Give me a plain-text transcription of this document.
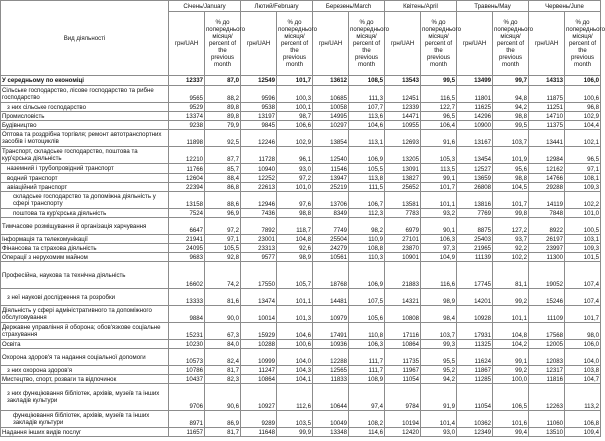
Вид діяльності	Січень/January		Лютий/February		Березень/March		Квітень/April		Травень/May		Червень/June	
	грн/UAH	% до попереднього місяця/ percent of the previous month	грн/UAH	% до попереднього місяця/ percent of the previous month	грн/UAH	% до попереднього місяця/ percent of the previous month	грн/UAH	% до попереднього місяця/ percent of the previous month	грн/UAH	% до попереднього місяця/ percent of the previous month	грн/UAH	% до попереднього місяця/ percent of the previous month
У середньому по економіці	12337	87,0	12549	101,7	13612	108,5	13543	99,5	13499	99,7	14313	106,0
Сільське господарство, лісове господарство та рибне господарство	9565	88,2	9596	100,3	10685	111,3	12451	116,5	11801	94,8	11875	100,6
з них сільське господарство	9529	89,8	9538	100,1	10058	107,7	12339	122,7	11625	94,2	11251	96,8
Промисловість	13374	89,8	13197	98,7	14995	113,6	14471	96,5	14296	98,8	14710	102,9
Будівництво	9238	79,9	9845	106,6	10297	104,6	10955	106,4	10900	99,5	11375	104,4
Оптова та роздрібна торгівля; ремонт автотранспортних засобів і мотоциклів	11898	92,5	12246	102,9	13854	113,1	12693	91,6	13167	103,7	13441	102,1
Транспорт, складське господарство, поштова та кур'єрська діяльність	12210	87,7	11728	96,1	12540	106,9	13205	105,3	13454	101,9	12984	96,5
наземний і трубопровідний транспорт	11766	85,7	10940	93,0	11546	105,5	13091	113,5	12527	95,6	12162	97,1
водний транспорт	12604	88,4	12252	97,2	13947	113,8	13827	99,1	13659	98,8	14766	108,1
авіаційний транспорт	22394	86,8	22613	101,0	25219	111,5	25652	101,7	26808	104,5	29288	109,3
складське господарство та допоміжна діяльність у сфері транспорту	13158	88,6	12946	97,6	13706	106,7	13581	101,1	13816	101,7	14119	102,2
поштова та кур'єрська діяльність	7524	96,9	7436	98,8	8349	112,3	7783	93,2	7769	99,8	7848	101,0
Тимчасове розміщування й організація харчування	6647	97,2	7892	118,7	7749	98,2	6979	90,1	8875	127,2	8922	100,5
Інформація та телекомунікації	21941	97,1	23001	104,8	25504	110,9	27101	106,3	25403	93,7	26197	103,1
Фінансова та страхова діяльність	24095	105,5	23313	92,6	24279	108,8	23870	97,3	21965	92,2	23997	109,3
Операції з нерухомим майном	9683	92,8	9577	98,9	10561	110,3	10901	104,9	11139	102,2	11300	101,5
Професійна, наукова та технічна діяльність	16602	74,2	17550	105,7	18768	106,9	21883	116,6	17745	81,1	19052	107,4
з неї наукові дослідження та розробки	13333	81,6	13474	101,1	14481	107,5	14321	98,9	14201	99,2	15246	107,4
Діяльність у сфері адміністративного та допоміжного обслуговування	9884	90,0	10014	101,3	10979	105,6	10808	98,4	10928	101,1	11109	101,7
Державне управління й оборона; обов'язкове соціальне страхування	15231	67,3	15929	104,6	17491	110,8	17116	103,7	17931	104,8	17568	98,0
Освіта	10230	84,0	10288	100,6	10936	106,3	10864	99,3	11325	104,2	12005	106,0
Охорона здоров'я та надання соціальної допомоги	10573	82,4	10999	104,0	12288	111,7	11735	95,5	11624	99,1	12083	104,0
з них охорона здоров'я	10786	81,7	11247	104,3	12565	111,7	11967	95,2	11867	99,2	12317	103,8
Мистецтво, спорт, розваги та відпочинок	10437	82,3	10864	104,1	11833	108,9	11054	94,2	11285	100,0	11816	104,7
з них функціювання бібліотек, архівів, музеїв та інших закладів культури	9706	90,6	10927	112,6	10644	97,4	9784	91,9	11054	106,5	12263	113,2
функціювання бібліотек, архівів, музеїв та інших закладів культури	8971	86,9	9289	103,5	10049	108,2	10194	101,4	10362	101,6	11060	106,8
Надання інших видів послуг	11657	81,7	11648	99,9	13348	114,6	12420	93,0	12349	99,4	13510	109,4
